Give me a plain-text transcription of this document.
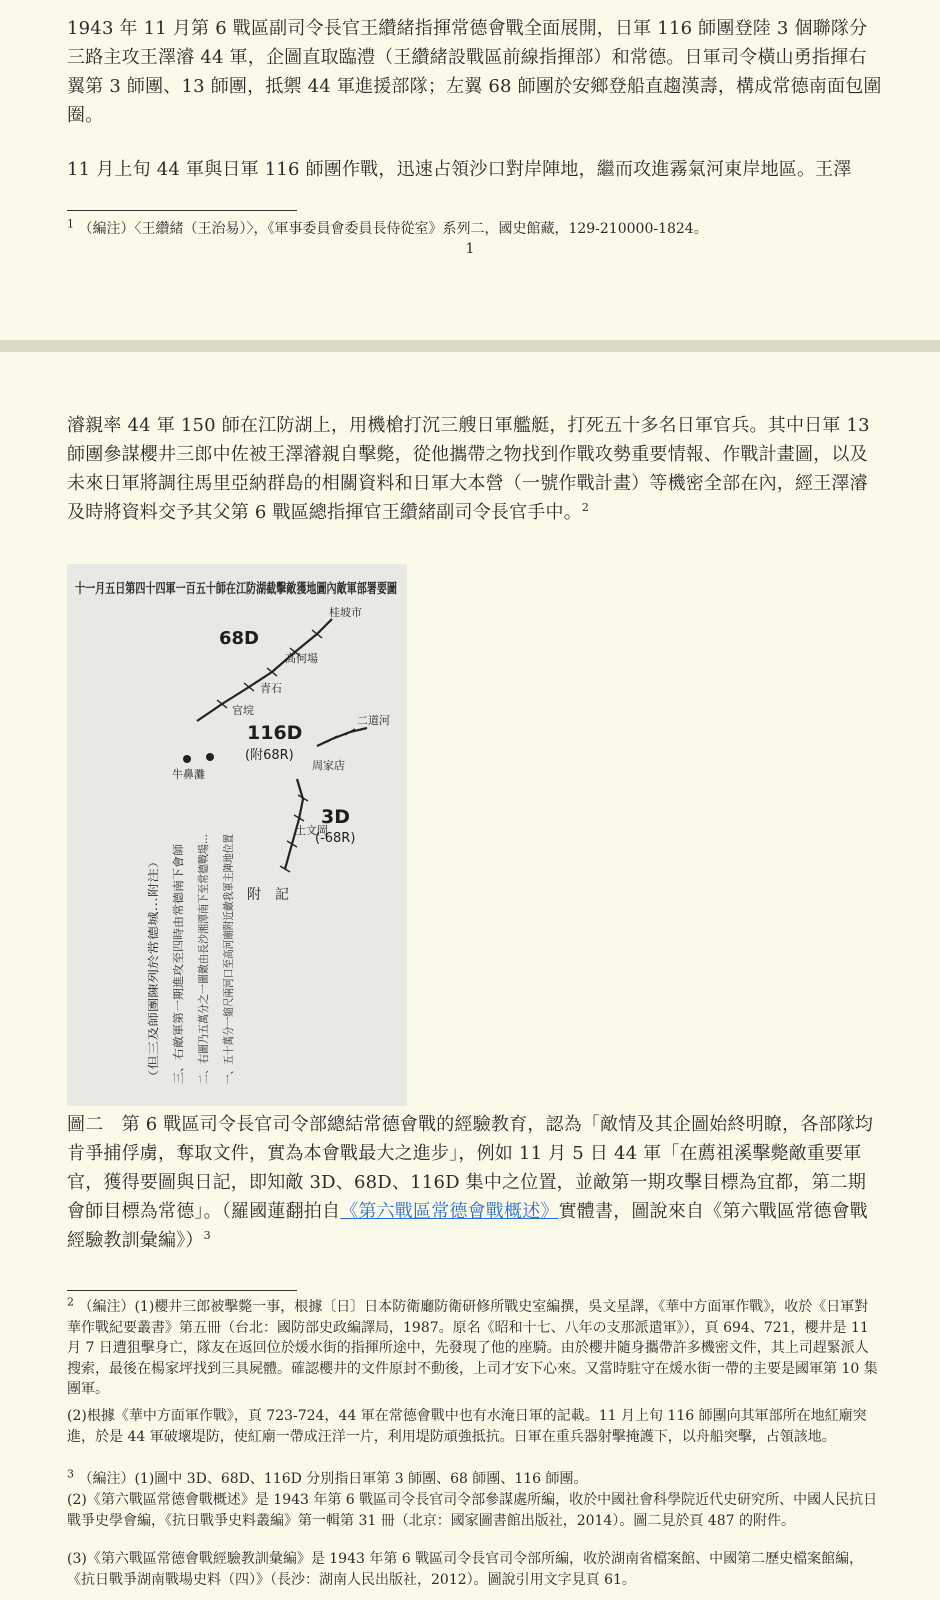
1943 年 11 月第 6 戰區副司令長官王纘緒指揮常德會戰全面展開，日軍 116 師團登陸 3 個聯隊分三路主攻王澤濬 44 軍，企圖直取臨澧（王纘緒設戰區前線指揮部）和常德。日軍司令橫山勇指揮右翼第 3 師團、13 師團，抵禦 44 軍進援部隊；左翼 68 師團於安鄉登船直趨漢壽，構成常德南面包圍圈。
11 月上旬 44 軍與日軍 116 師團作戰，迅速占領沙口對岸陣地，繼而攻進霧氣河東岸地區。王澤
$^1$ （編注）〈王纘緒（王治易）〉，《軍事委員會委員長侍從室》系列二，國史館藏，129-210000-1824。
1
濬親率 44 軍 150 師在江防湖上，用機槍打沉三艘日軍艦艇，打死五十多名日軍官兵。其中日軍 13 師團參謀櫻井三郎中佐被王澤濬親自擊斃，從他攜帶之物找到作戰攻勢重要情報、作戰計畫圖，以及未來日軍將調往馬里亞納群島的相關資料和日軍大本營（一號作戰計畫）等機密全部在內，經王澤濬及時將資料交予其父第 6 戰區總指揮官王纘緒副司令長官手中。$^2$
十一月五日第四十四軍一百五十師在江防湖截擊敵獲地圖內敵軍部署要圖
桂坡市
高何場
青石
官垸
牛鼻灘
周家店
二道河
土文岡
68D
116D
(附68R)
3D
(-68R)
附　記
一、五十萬分一縮尺兩河口至高河廟附近敵我軍主陣地位置
二、右圖乃五萬分之一圖敵由長沙湘潭南下至常德戰場…
三、右敵軍第一期進攻至四時由常德南下會師
（但三及師團陳列於常德城…附注）
圖二　第 6 戰區司令長官司令部總結常德會戰的經驗教育，認為「敵情及其企圖始終明瞭，各部隊均肯爭捕俘虜，奪取文件，實為本會戰最大之進步」，例如 11 月 5 日 44 軍「在薦祖溪擊斃敵重要軍官，獲得要圖與日記，即知敵 3D、68D、116D 集中之位置，並敵第一期攻擊目標為宜都，第二期會師目標為常德」。（羅國蓮翻拍自《第六戰區常德會戰概述》實體書，圖說來自《第六戰區常德會戰經驗教訓彙編》）$^3$
$^2$ （編注）(1)櫻井三郎被擊斃一事，根據〔日〕日本防衛廳防衛研修所戰史室編撰，吳文星譯，《華中方面軍作戰》，收於《日軍對華作戰紀要叢書》第五冊（台北：國防部史政編譯局，1987。原名《昭和十七、八年の支那派遣軍》），頁 694、721，櫻井是 11 月 7 日遭狙擊身亡，隊友在返回位於煖水街的指揮所途中，先發現了他的座騎。由於櫻井隨身攜帶許多機密文件，其上司趕緊派人搜索，最後在楊家坪找到三具屍體。確認櫻井的文件原封不動後，上司才安下心來。又當時駐守在煖水街一帶的主要是國軍第 10 集團軍。
(2)根據《華中方面軍作戰》，頁 723-724，44 軍在常德會戰中也有水淹日軍的記載。11 月上旬 116 師團向其軍部所在地紅廟突進，於是 44 軍破壞堤防，使紅廟一帶成汪洋一片，利用堤防頑強抵抗。日軍在重兵器射擊掩護下，以舟船突擊，占領該地。
$^3$ （編注）(1)圖中 3D、68D、116D 分別指日軍第 3 師團、68 師團、116 師團。
(2)《第六戰區常德會戰概述》是 1943 年第 6 戰區司令長官司令部參謀處所編，收於中國社會科學院近代史研究所、中國人民抗日戰爭史學會編，《抗日戰爭史料叢編》第一輯第 31 冊（北京：國家圖書館出版社，2014）。圖二見於頁 487 的附件。
(3)《第六戰區常德會戰經驗教訓彙編》是 1943 年第 6 戰區司令長官司令部所編，收於湖南省檔案館、中國第二歷史檔案館編，《抗日戰爭湖南戰場史料（四）》（長沙：湖南人民出版社，2012）。圖說引用文字見頁 61。
